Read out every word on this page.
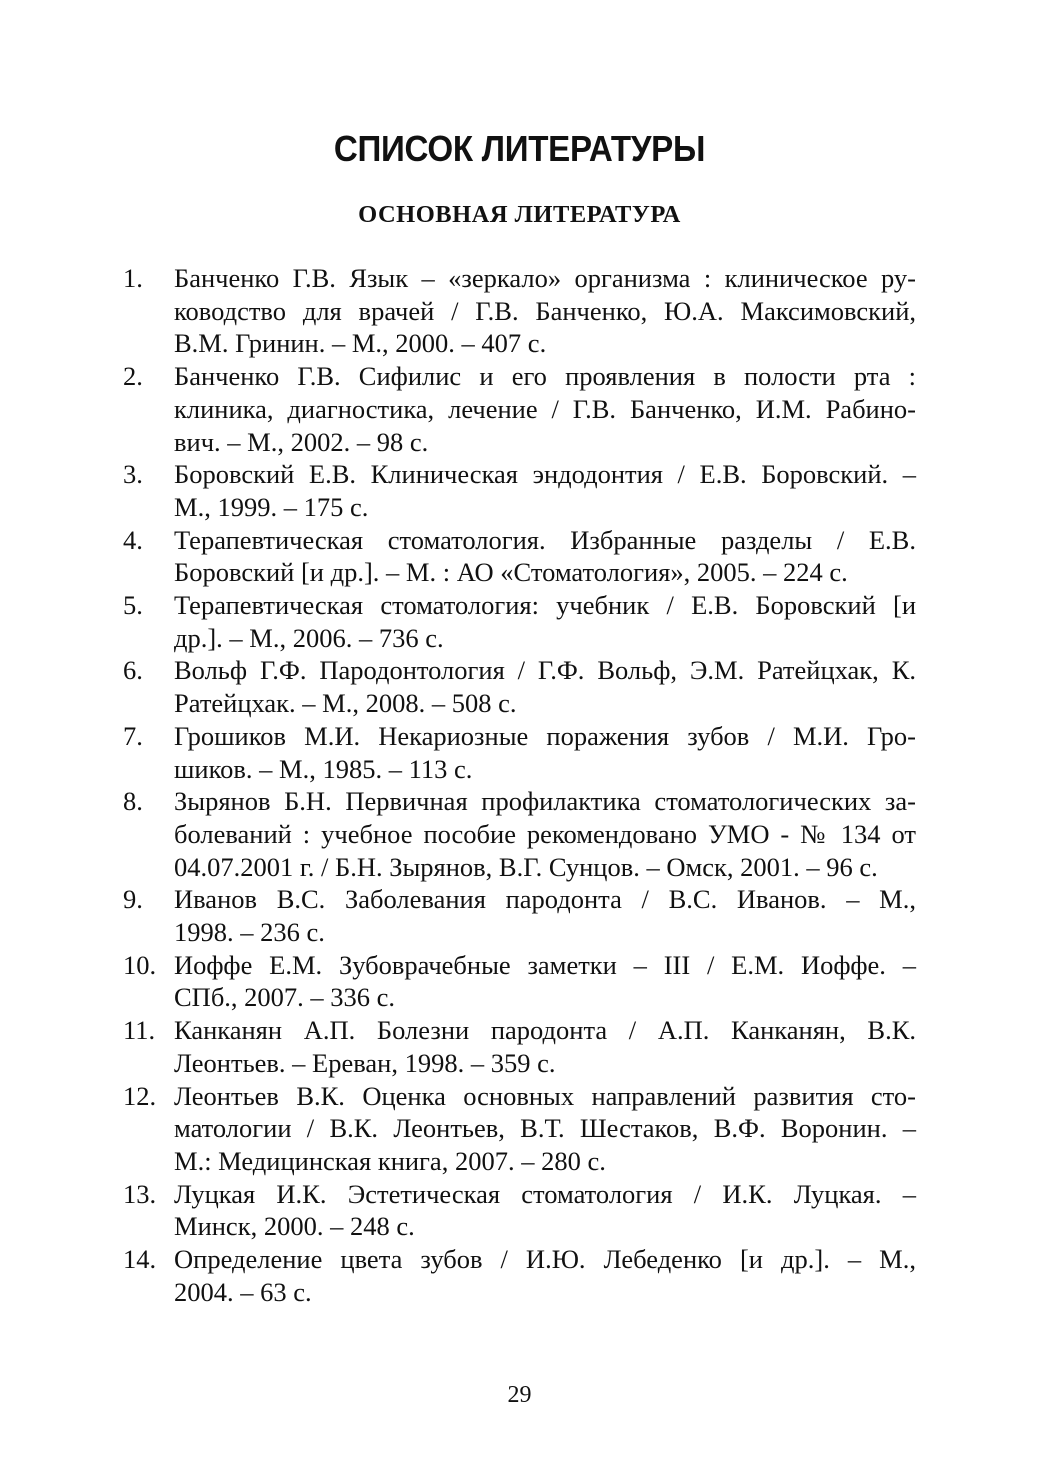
СПИСОК ЛИТЕРАТУРЫ
ОСНОВНАЯ ЛИТЕРАТУРА
1.	Банченко Г.В. Язык – «зеркало» организма : клиническое ру-
ководство для врачей / Г.В. Банченко, Ю.А. Максимовский,
В.М. Гринин. – М., 2000. – 407 с.
2.	Банченко Г.В. Сифилис и его проявления в полости рта :
клиника, диагностика, лечение / Г.В. Банченко, И.М. Рабино-
вич. – М., 2002. – 98 с.
3.	Боровский Е.В. Клиническая эндодонтия / Е.В. Боровский. –
М., 1999. – 175 с.
4.	Терапевтическая стоматология. Избранные разделы / Е.В.
Боровский [и др.]. – М. : АО «Стоматология», 2005. – 224 с.
5.	Терапевтическая стоматология: учебник / Е.В. Боровский [и
др.]. – М., 2006. – 736 с.
6.	Вольф Г.Ф. Пародонтология / Г.Ф. Вольф, Э.М. Ратейцхак, К.
Ратейцхак. – М., 2008. – 508 с.
7.	Грошиков М.И. Некариозные поражения зубов / М.И. Гро-
шиков. – М., 1985. – 113 с.
8.	Зырянов Б.Н. Первичная профилактика стоматологических за-
болеваний : учебное пособие рекомендовано УМО - № 134 от
04.07.2001 г. / Б.Н. Зырянов, В.Г. Сунцов. – Омск, 2001. – 96 с.
9.	Иванов В.С. Заболевания пародонта / В.С. Иванов. – М.,
1998. – 236 с.
10. Иоффе Е.М. Зубоврачебные заметки – III / Е.М. Иоффе. –
СПб., 2007. – 336 с.
11. Канканян А.П. Болезни пародонта / А.П. Канканян, В.К.
Леонтьев. – Ереван, 1998. – 359 с.
12. Леонтьев В.К. Оценка основных направлений развития сто-
матологии / В.К. Леонтьев, В.Т. Шестаков, В.Ф. Воронин. –
М.: Медицинская книга, 2007. – 280 с.
13. Луцкая И.К. Эстетическая стоматология / И.К. Луцкая. –
Минск, 2000. – 248 с.
14. Определение цвета зубов / И.Ю. Лебеденко [и др.]. – М.,
2004. – 63 с.
29
